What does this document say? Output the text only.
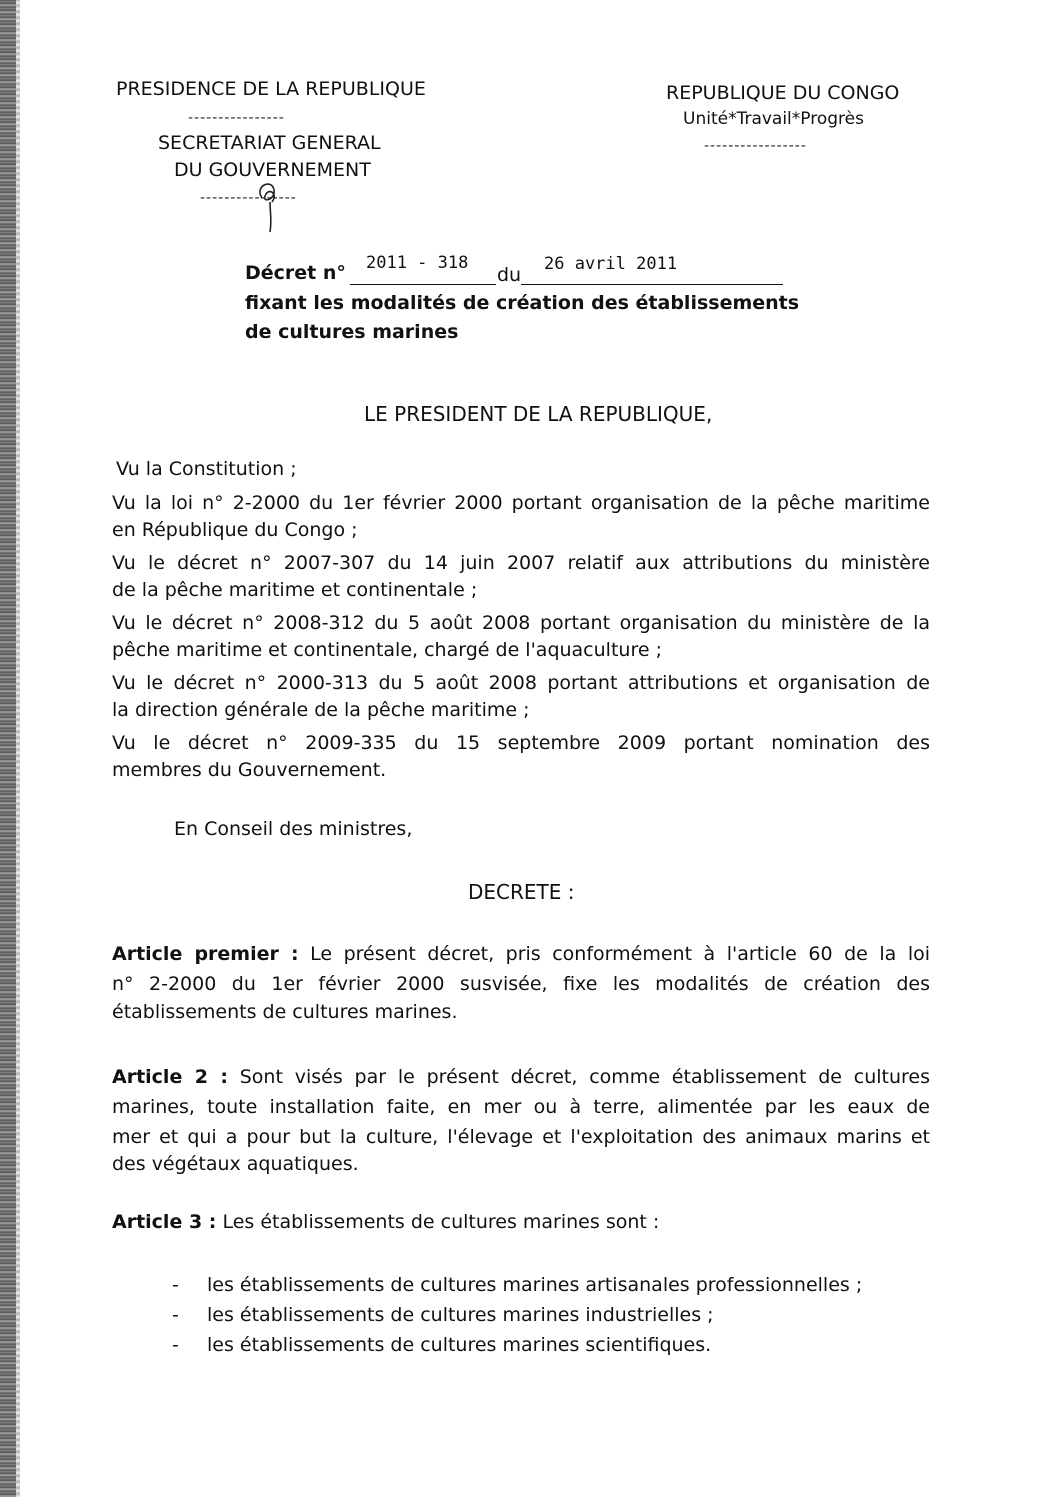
PRESIDENCE DE LA REPUBLIQUE
----------------
SECRETARIAT GENERAL
DU GOUVERNEMENT
----------------
REPUBLIQUE DU CONGO
Unité*Travail*Progrès
-----------------
Décret n° 2011 - 318
du 26 avril 2011
fixant les modalités de création des établissements
de cultures marines
LE PRESIDENT DE LA REPUBLIQUE,
Vu la Constitution ;
Vu la loi n° 2-2000 du 1er février 2000 portant organisation de la pêche maritime
en République du Congo ;
Vu le décret n° 2007-307 du 14 juin 2007 relatif aux attributions du ministère
de la pêche maritime et continentale ;
Vu le décret n° 2008-312 du 5 août 2008 portant organisation du ministère de la
pêche maritime et continentale, chargé de l'aquaculture ;
Vu le décret n° 2000-313 du 5 août 2008 portant attributions et organisation de
la direction générale de la pêche maritime ;
Vu le décret n° 2009-335 du 15 septembre 2009 portant nomination des
membres du Gouvernement.
En Conseil des ministres,
DECRETE :
Article premier : Le présent décret, pris conformément à l'article 60 de la loi
n° 2-2000 du 1er février 2000 susvisée, fixe les modalités de création des
établissements de cultures marines.
Article 2 : Sont visés par le présent décret, comme établissement de cultures
marines, toute installation faite, en mer ou à terre, alimentée par les eaux de
mer et qui a pour but la culture, l'élevage et l'exploitation des animaux marins et
des végétaux aquatiques.
Article 3 : Les établissements de cultures marines sont :
- les établissements de cultures marines artisanales professionnelles ;
- les établissements de cultures marines industrielles ;
- les établissements de cultures marines scientifiques.
